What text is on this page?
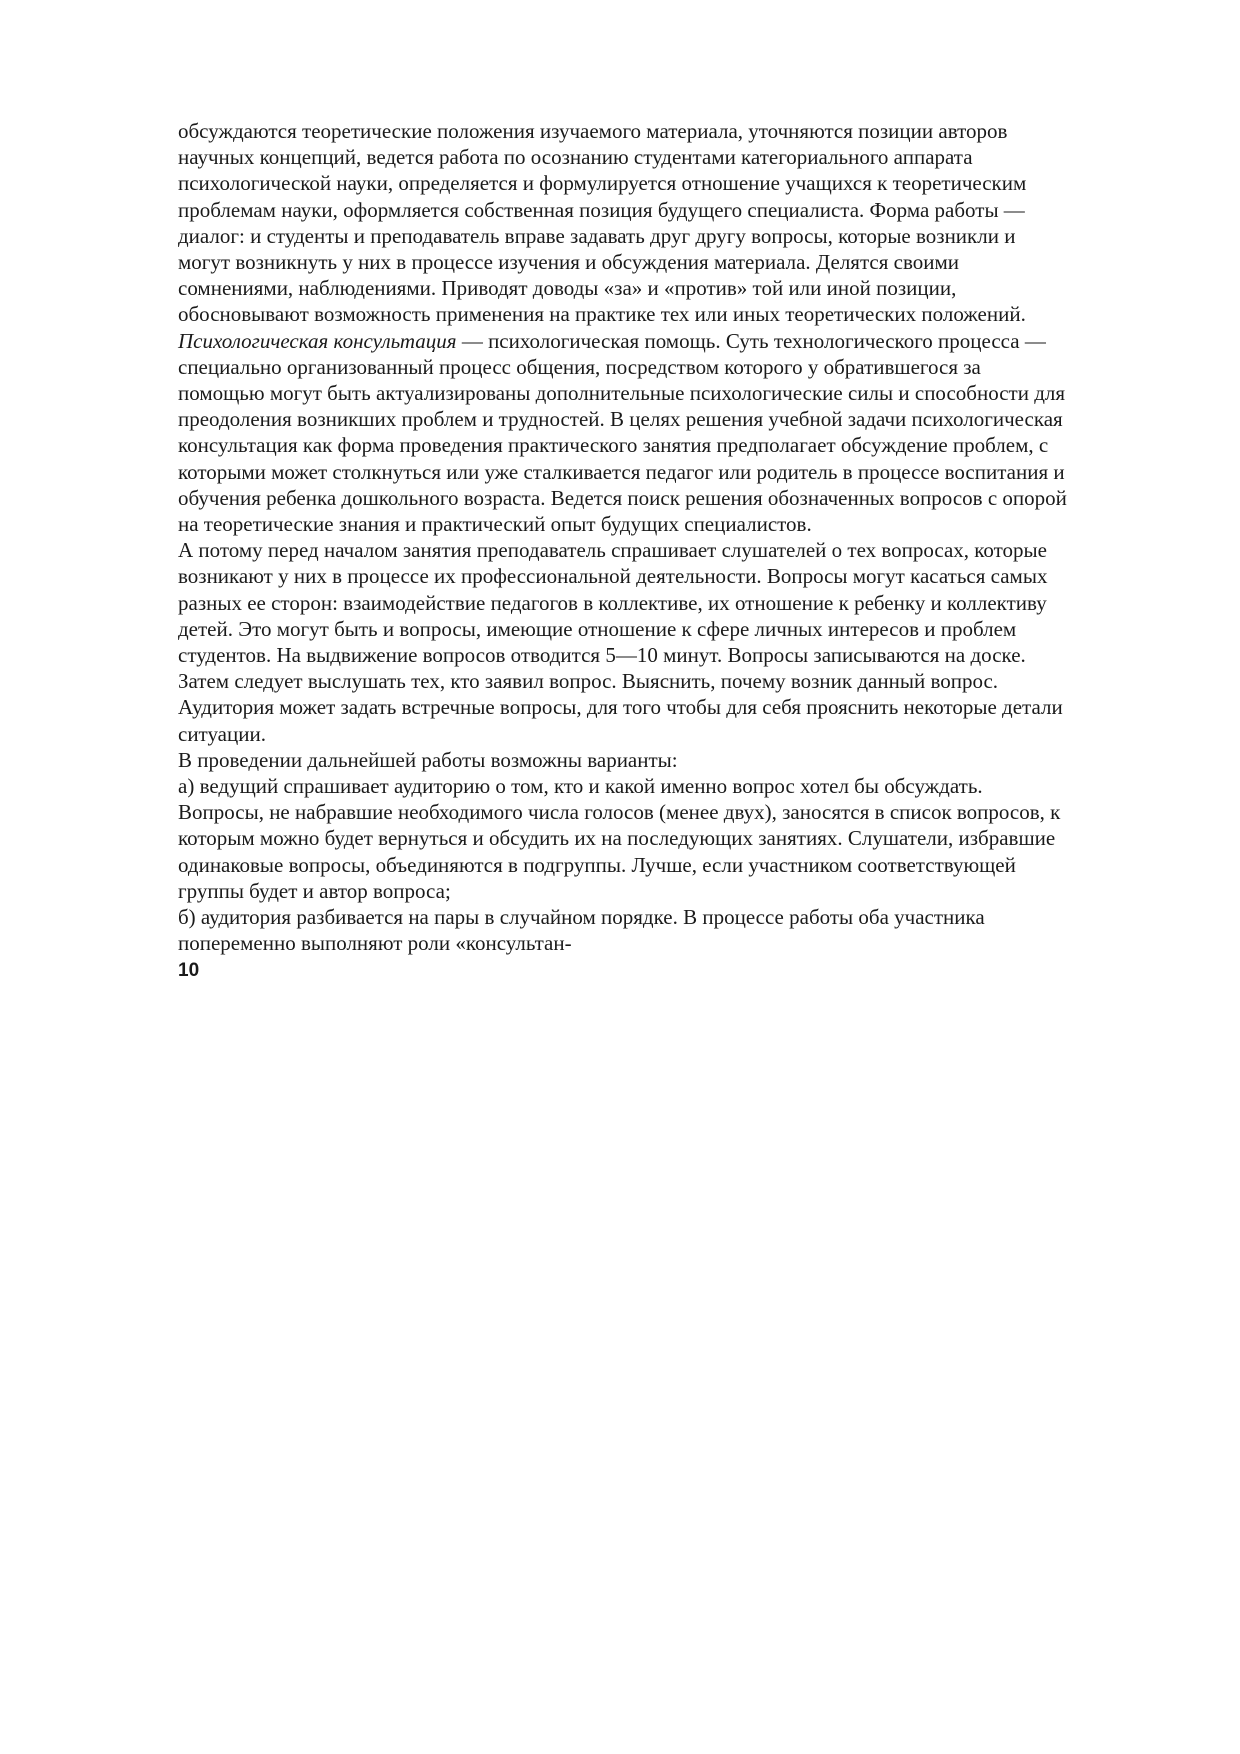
обсуждаются теоретические положения изучаемого материала, уточняются позиции авторов
научных концепций, ведется работа по осознанию студентами категориального аппарата
психологической науки, определяется и формулируется отношение учащихся к теоретическим
проблемам науки, оформляется собственная позиция будущего специалиста. Форма работы —
диалог: и студенты и преподаватель вправе задавать друг другу вопросы, которые возникли и
могут возникнуть у них в процессе изучения и обсуждения материала. Делятся своими
сомнениями, наблюдениями. Приводят доводы «за» и «против» той или иной позиции,
обосновывают возможность применения на практике тех или иных теоретических положений.
Психологическая консультация — психологическая помощь. Суть технологического процесса —
специально организованный процесс общения, посредством которого у обратившегося за
помощью могут быть актуализированы дополнительные психологические силы и способности для
преодоления возникших проблем и трудностей. В целях решения учебной задачи психологическая
консультация как форма проведения практического занятия предполагает обсуждение проблем, с
которыми может столкнуться или уже сталкивается педагог или родитель в процессе воспитания и
обучения ребенка дошкольного возраста. Ведется поиск решения обозначенных вопросов с опорой
на теоретические знания и практический опыт будущих специалистов.
А потому перед началом занятия преподаватель спрашивает слушателей о тех вопросах, которые
возникают у них в процессе их профессиональной деятельности. Вопросы могут касаться самых
разных ее сторон: взаимодействие педагогов в коллективе, их отношение к ребенку и коллективу
детей. Это могут быть и вопросы, имеющие отношение к сфере личных интересов и проблем
студентов. На выдвижение вопросов отводится 5—10 минут. Вопросы записываются на доске.
Затем следует выслушать тех, кто заявил вопрос. Выяснить, почему возник данный вопрос.
Аудитория может задать встречные вопросы, для того чтобы для себя прояснить некоторые детали
ситуации.
В проведении дальнейшей работы возможны варианты:
а) ведущий спрашивает аудиторию о том, кто и какой именно вопрос хотел бы обсуждать.
Вопросы, не набравшие необходимого числа голосов (менее двух), заносятся в список вопросов, к
которым можно будет вернуться и обсудить их на последующих занятиях. Слушатели, избравшие
одинаковые вопросы, объединяются в подгруппы. Лучше, если участником соответствующей
группы будет и автор вопроса;
б) аудитория разбивается на пары в случайном порядке. В процессе работы оба участника
попеременно выполняют роли «консультан-
10
